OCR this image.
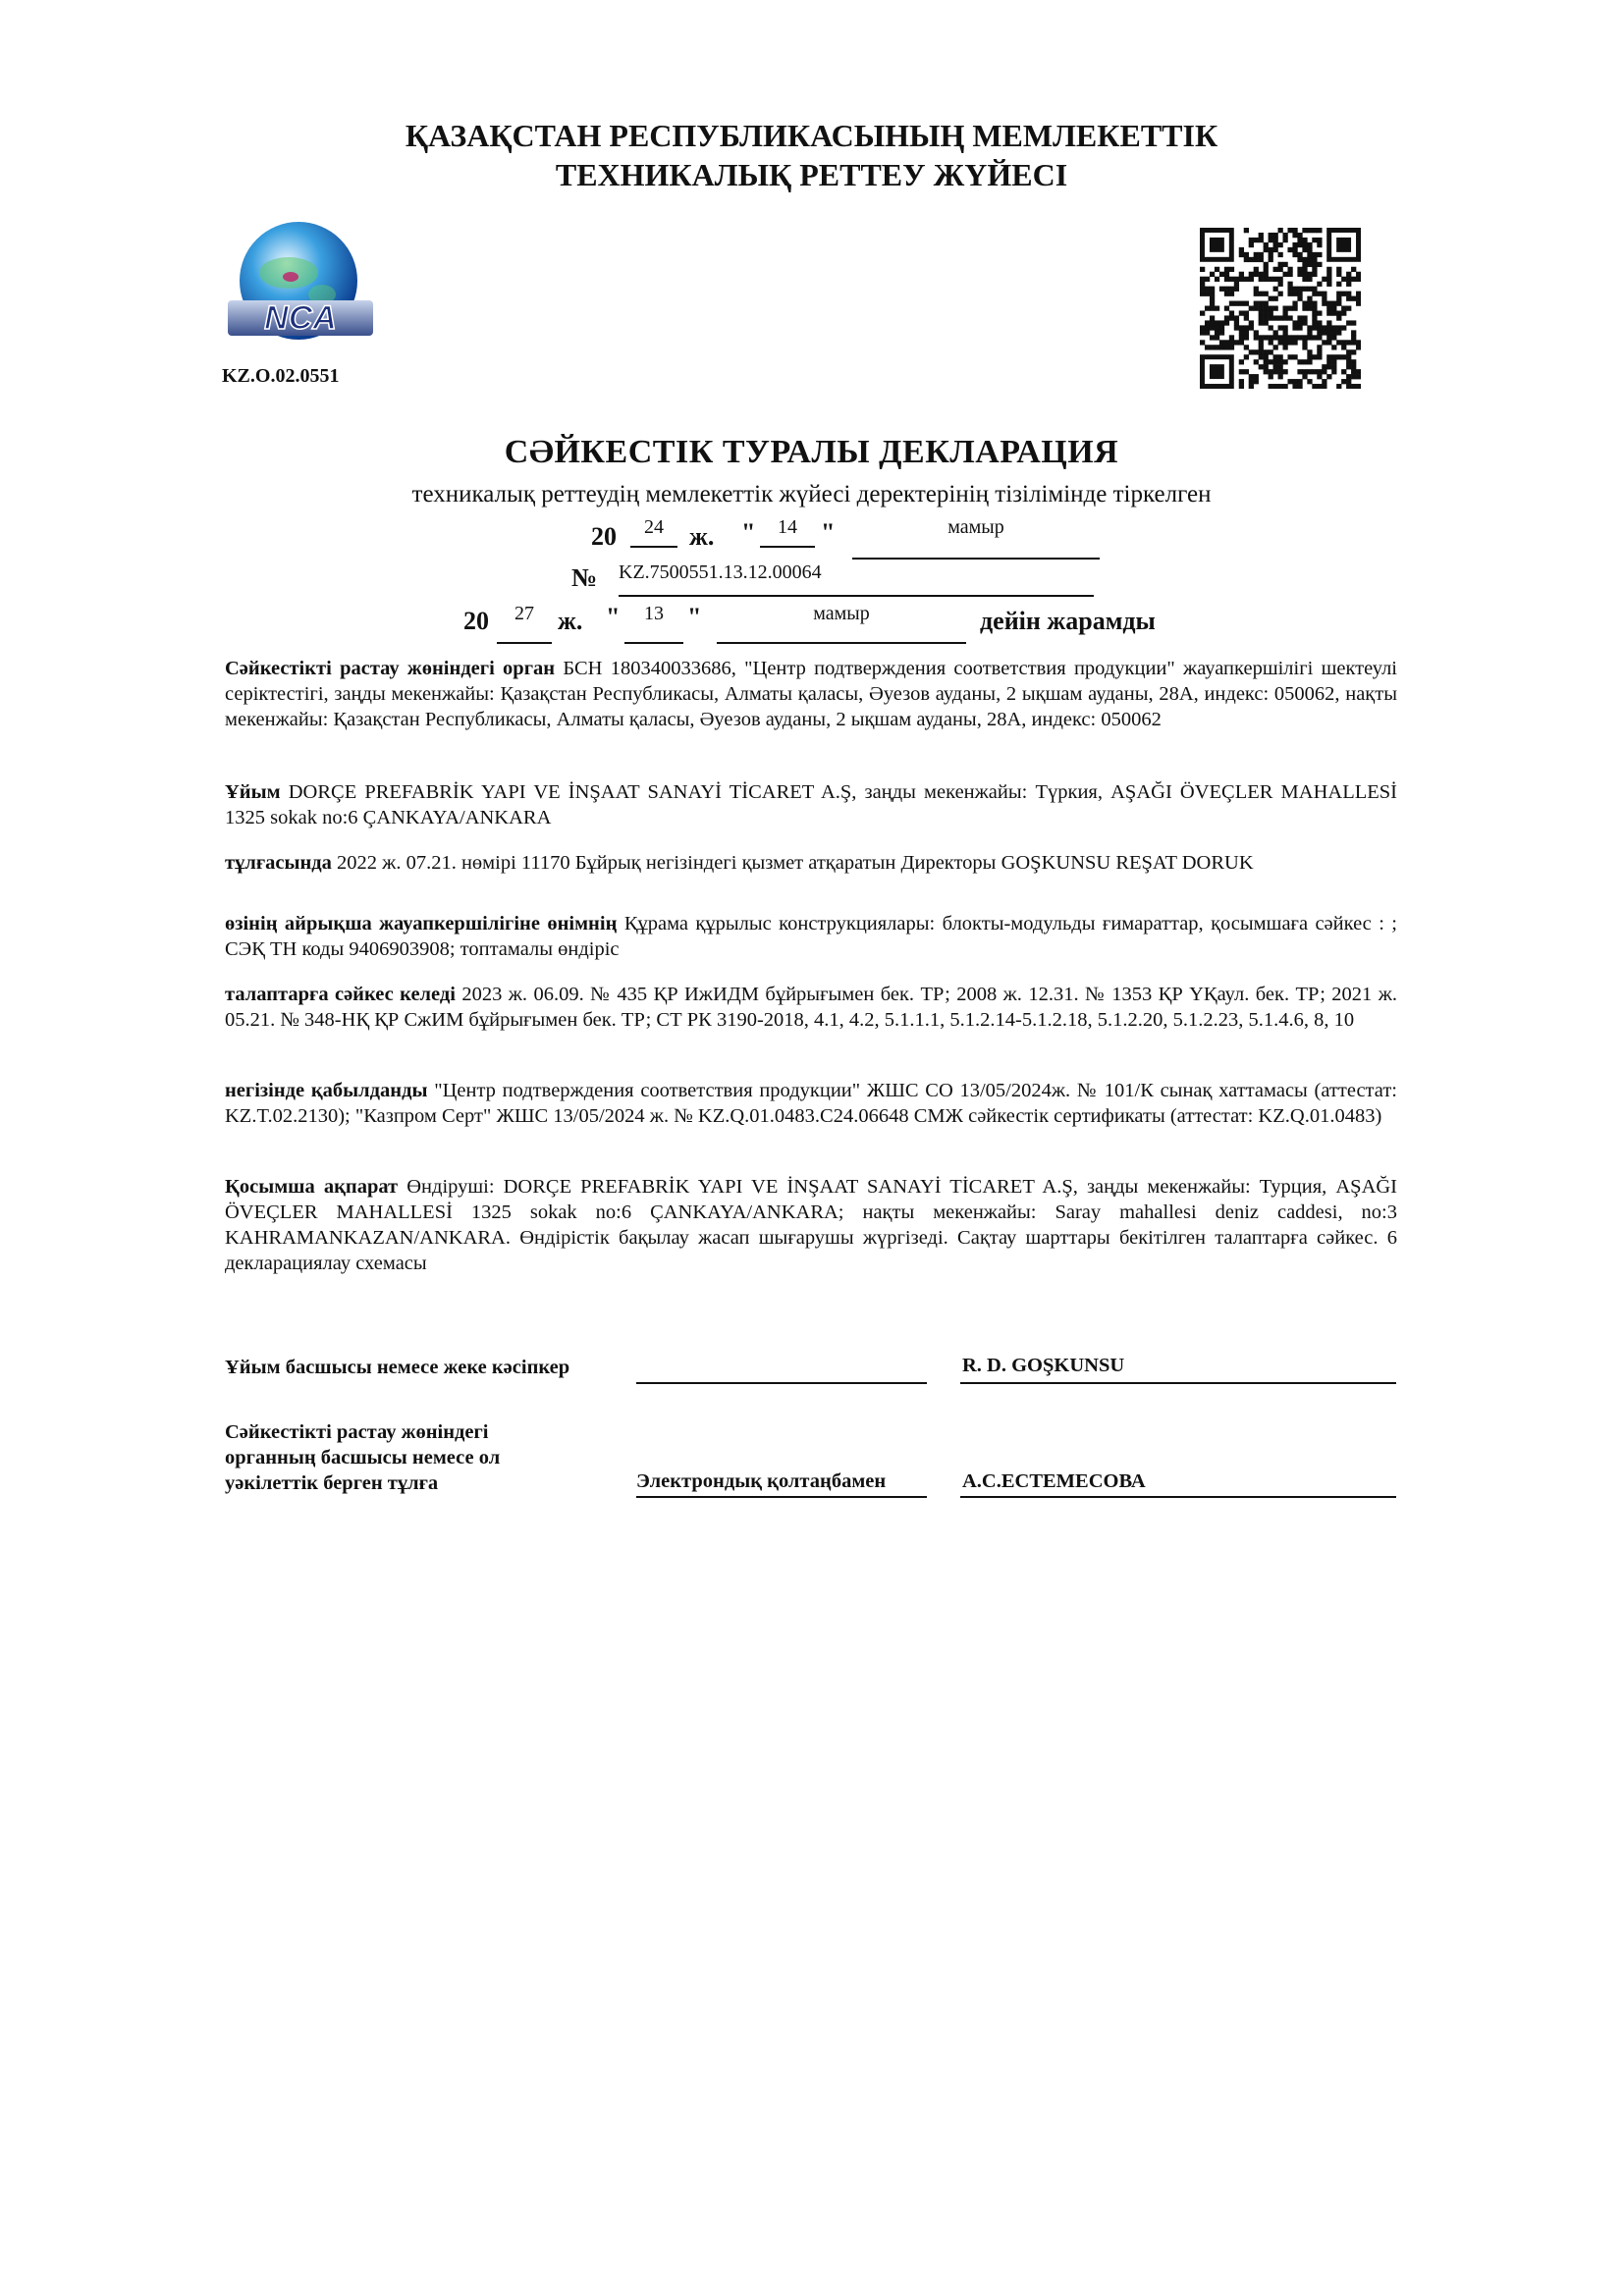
ҚАЗАҚСТАН РЕСПУБЛИКАСЫНЫҢ МЕМЛЕКЕТТІК
ТЕХНИКАЛЫҚ РЕТТЕУ ЖҮЙЕСІ
NCA
KZ.O.02.0551
СӘЙКЕСТІК ТУРАЛЫ ДЕКЛАРАЦИЯ
техникалық реттеудің мемлекеттік жүйесі деректерінің тізілімінде тіркелген
20	24	ж. "	14 "	мамыр
№ KZ.7500551.13.12.00064
20	27 ж. "	13 "	мамыр	дейін жарамды
Сәйкестікті растау жөніндегі орган БСН 180340033686, "Центр подтверждения соответствия продукции" жауапкершілігі шектеулі серіктестігі, заңды мекенжайы: Қазақстан Республикасы, Алматы қаласы, Әуезов ауданы, 2 ықшам ауданы, 28А, индекс: 050062, нақты мекенжайы: Қазақстан Республикасы, Алматы қаласы, Әуезов ауданы, 2 ықшам ауданы, 28А, индекс: 050062
Ұйым DORÇE PREFABRİK YAPI VE İNŞAAT SANAYİ TİCARET A.Ş, заңды мекенжайы: Түркия, AŞAĞI ÖVEÇLER MAHALLESİ 1325 sokak no:6 ÇANKAYA/ANKARA
тұлғасында 2022 ж. 07.21. нөмірі 11170 Бұйрық негізіндегі қызмет атқаратын Директоры GOŞKUNSU REŞAT DORUK
өзінің айрықша жауапкершілігіне өнімнің Құрама құрылыс конструкциялары: блокты-модульды ғимараттар, қосымшаға сәйкес : ; СЭҚ ТН коды 9406903908; топтамалы өндіріс
талаптарға сәйкес келеді 2023 ж. 06.09. № 435 ҚР ИжИДМ бұйрығымен бек. ТР; 2008 ж. 12.31. № 1353 ҚР ҮҚаул. бек. ТР; 2021 ж. 05.21. № 348-НҚ ҚР СжИМ бұйрығымен бек. ТР; СТ РК 3190-2018, 4.1, 4.2, 5.1.1.1, 5.1.2.14-5.1.2.18, 5.1.2.20, 5.1.2.23, 5.1.4.6, 8, 10
негізінде қабылданды "Центр подтверждения соответствия продукции" ЖШС СО 13/05/2024ж. № 101/К сынақ хаттамасы (аттестат: KZ.T.02.2130); "Казпром Серт" ЖШС 13/05/2024 ж. № KZ.Q.01.0483.C24.06648 СМЖ сәйкестік сертификаты (аттестат: KZ.Q.01.0483)
Қосымша ақпарат Өндіруші: DORÇE PREFABRİK YAPI VE İNŞAAT SANAYİ TİCARET A.Ş, заңды мекенжайы: Турция, AŞAĞI ÖVEÇLER MAHALLESİ 1325 sokak no:6 ÇANKAYA/ANKARA; нақты мекенжайы: Saray mahallesi deniz caddesi, no:3 KAHRAMANKAZAN/ANKARA. Өндірістік бақылау жасап шығарушы жүргізеді. Сақтау шарттары бекітілген талаптарға сәйкес. 6 декларациялау схемасы
Ұйым басшысы немесе жеке кәсіпкер	R. D. GOŞKUNSU
Сәйкестікті растау жөніндегі
органның басшысы немесе ол
уәкілеттік берген тұлға	Электрондық қолтаңбамен	А.С.ЕСТЕМЕСОВА
